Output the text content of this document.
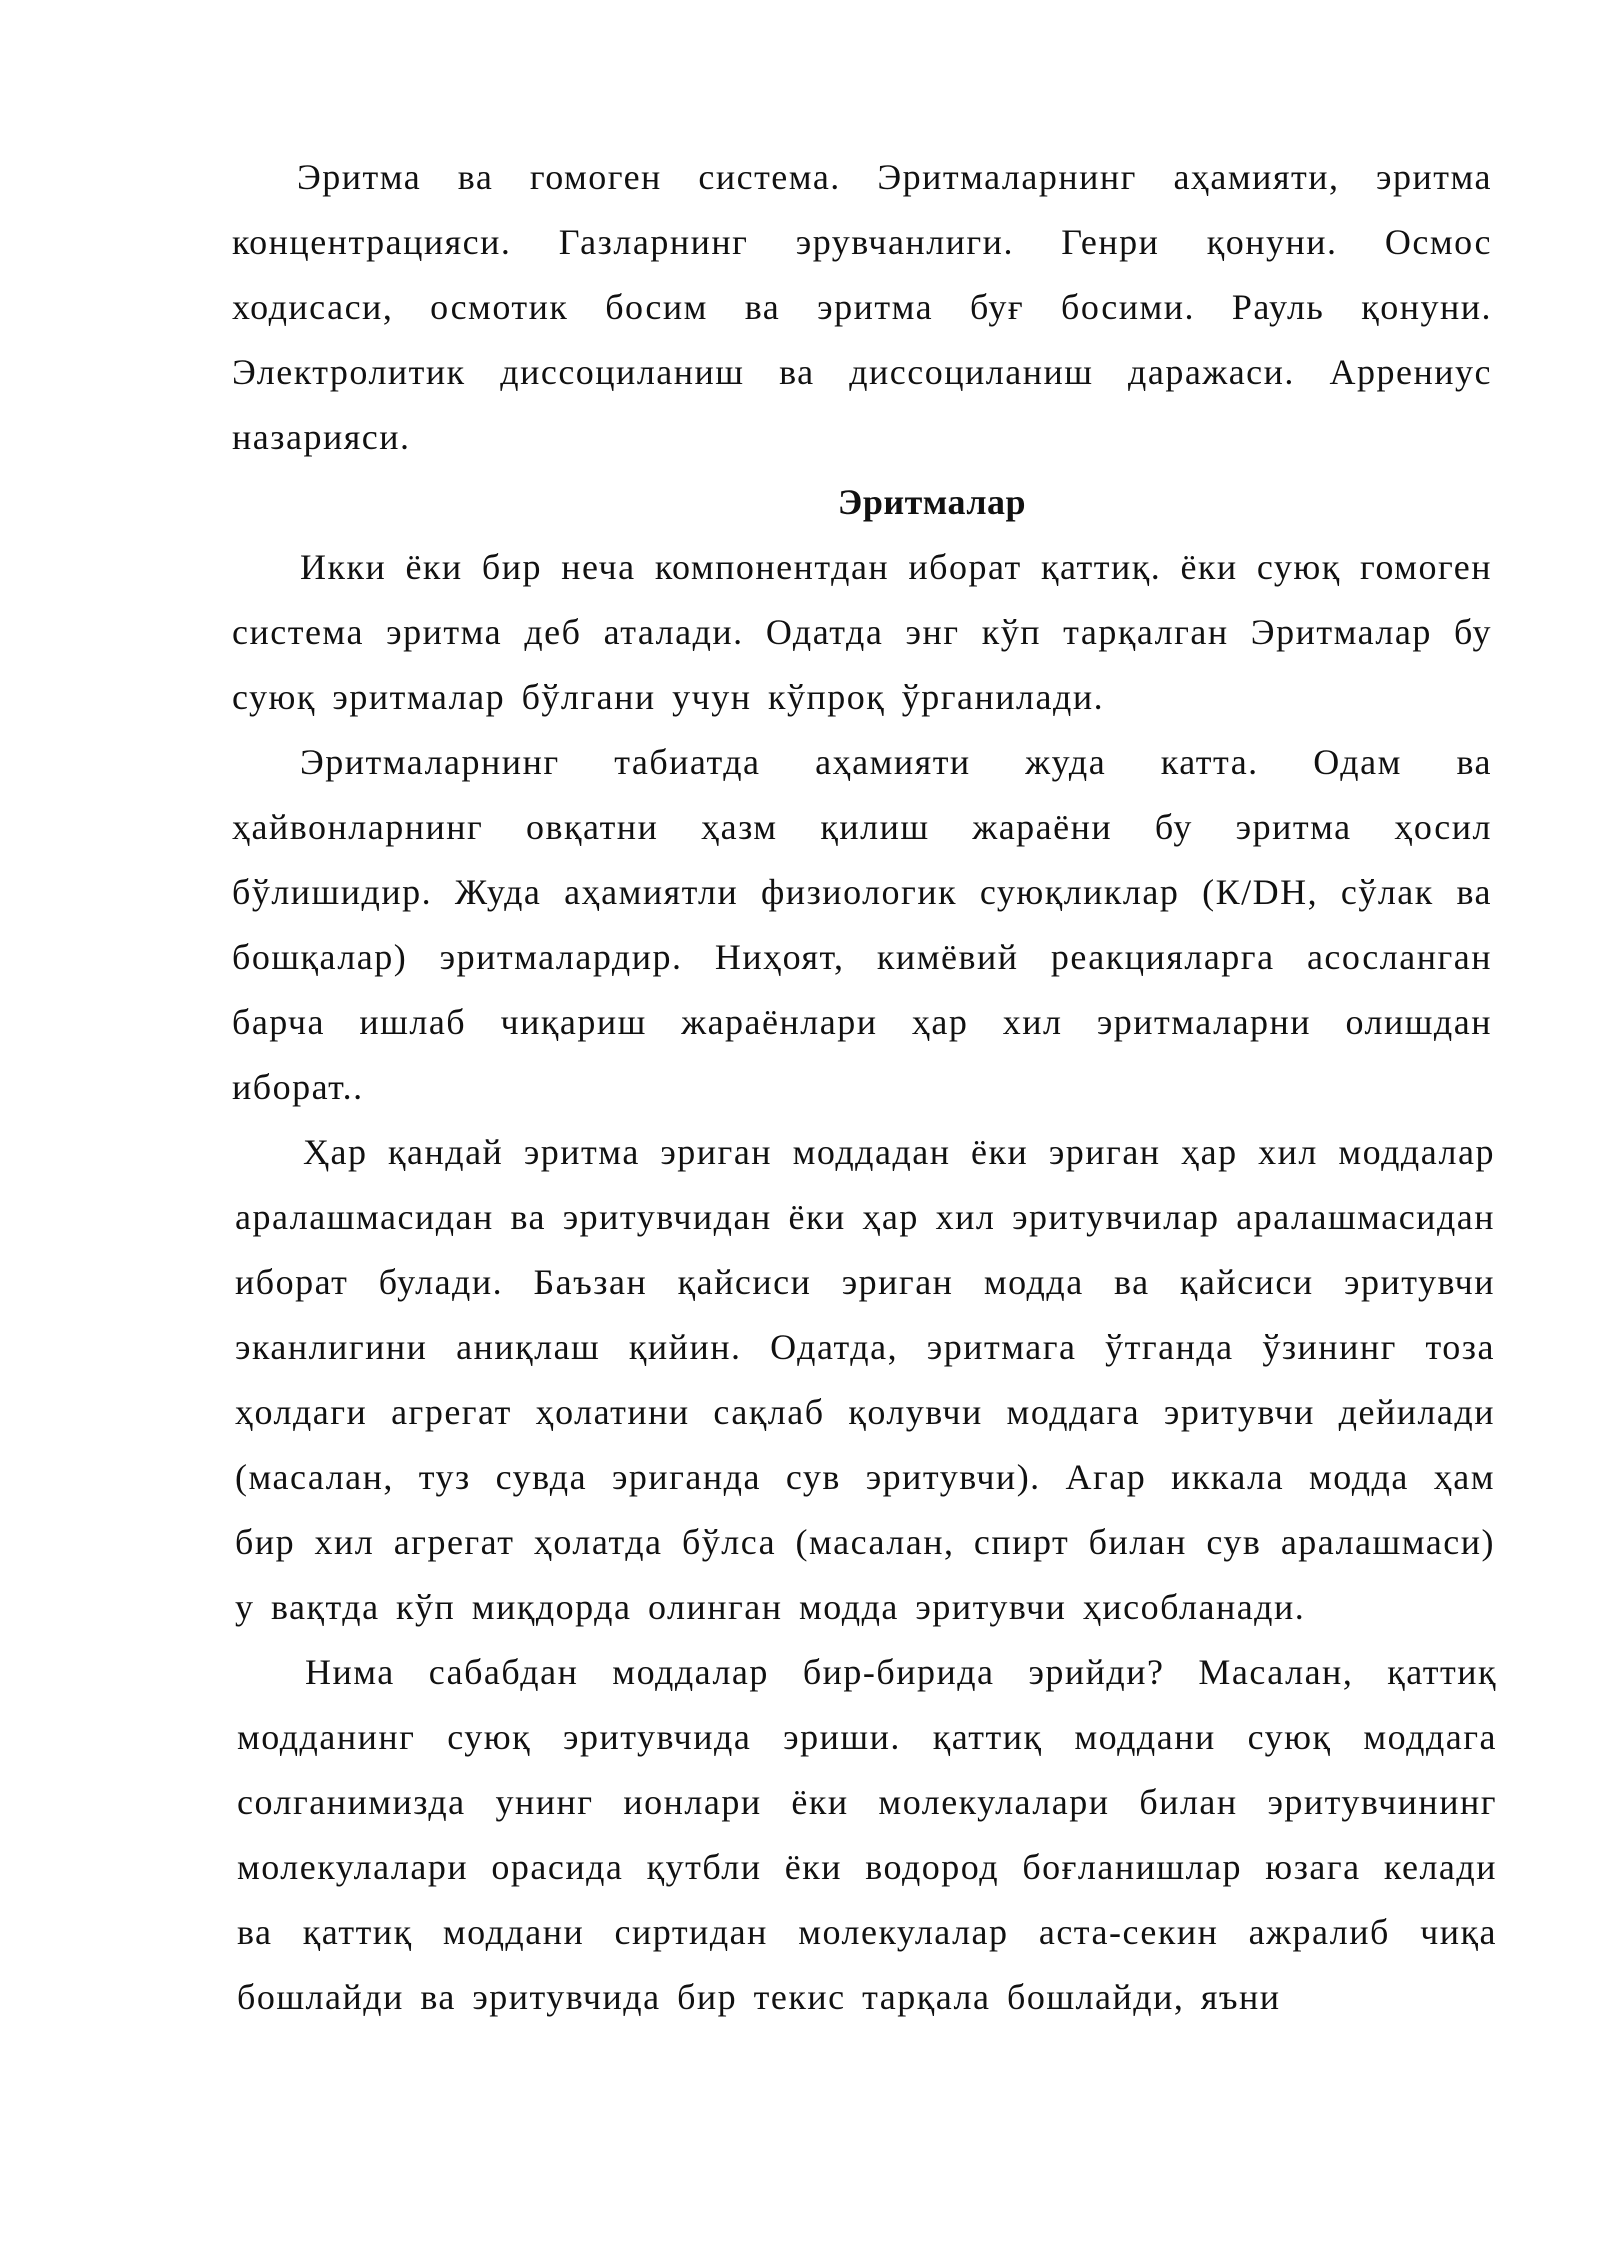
Эритма ва гомоген система. Эритмаларнинг аҳамияти, эритма концентрацияси. Газларнинг эрувчанлиги. Генри қонуни. Осмос ходисаси, осмотик босим ва эритма буғ босими. Рауль қонуни. Электролитик диссоциланиш ва диссоциланиш даражаси. Аррениус назарияси.

Эритмалар

Икки ёки бир неча компонентдан иборат қаттиқ. ёки суюқ гомоген система эритма деб аталади. Одатда энг кўп тарқалган Эритмалар бу суюқ эритмалар бўлгани учун кўпроқ ўрганилади.

Эритмаларнинг табиатда аҳамияти жуда катта. Одам ва ҳайвонларнинг овқатни ҳазм қилиш жараёни бу эритма ҳосил бўлишидир. Жуда аҳамиятли физиологик суюқликлар (К/DН, сўлак ва бошқалар) эритмалардир. Ниҳоят, кимёвий реакцияларга асосланган барча ишлаб чиқариш жараёнлари ҳар хил эритмаларни олишдан иборат..

Ҳар қандай эритма эриган моддадан ёки эриган ҳар хил моддалар аралашмасидан ва эритувчидан ёки ҳар хил эритувчилар аралашмасидан иборат булади. Баъзан қайсиси эриган модда ва қайсиси эритувчи эканлигини аниқлаш қийин. Одатда, эритмага ўтганда ўзининг тоза ҳолдаги агрегат ҳолатини сақлаб қолувчи моддага эритувчи дейилади (масалан, туз сувда эриганда сув эритувчи). Агар иккала модда ҳам бир хил агрегат ҳолатда бўлса (масалан, спирт билан сув аралашмаси) у вақтда кўп миқдорда олинган модда эритувчи ҳисобланади.

Нима сабабдан моддалар бир-бирида эрийди? Масалан, қаттиқ модданинг суюқ эритувчида эриши. қаттиқ моддани суюқ моддага солганимизда унинг ионлари ёки молекулалари билан эритувчининг молекулалари орасида қутбли ёки водород боғланишлар юзага келади ва қаттиқ моддани сиртидан молекулалар аста-секин ажралиб чиқа бошлайди ва эритувчида бир текис тарқала бошлайди, яъни
